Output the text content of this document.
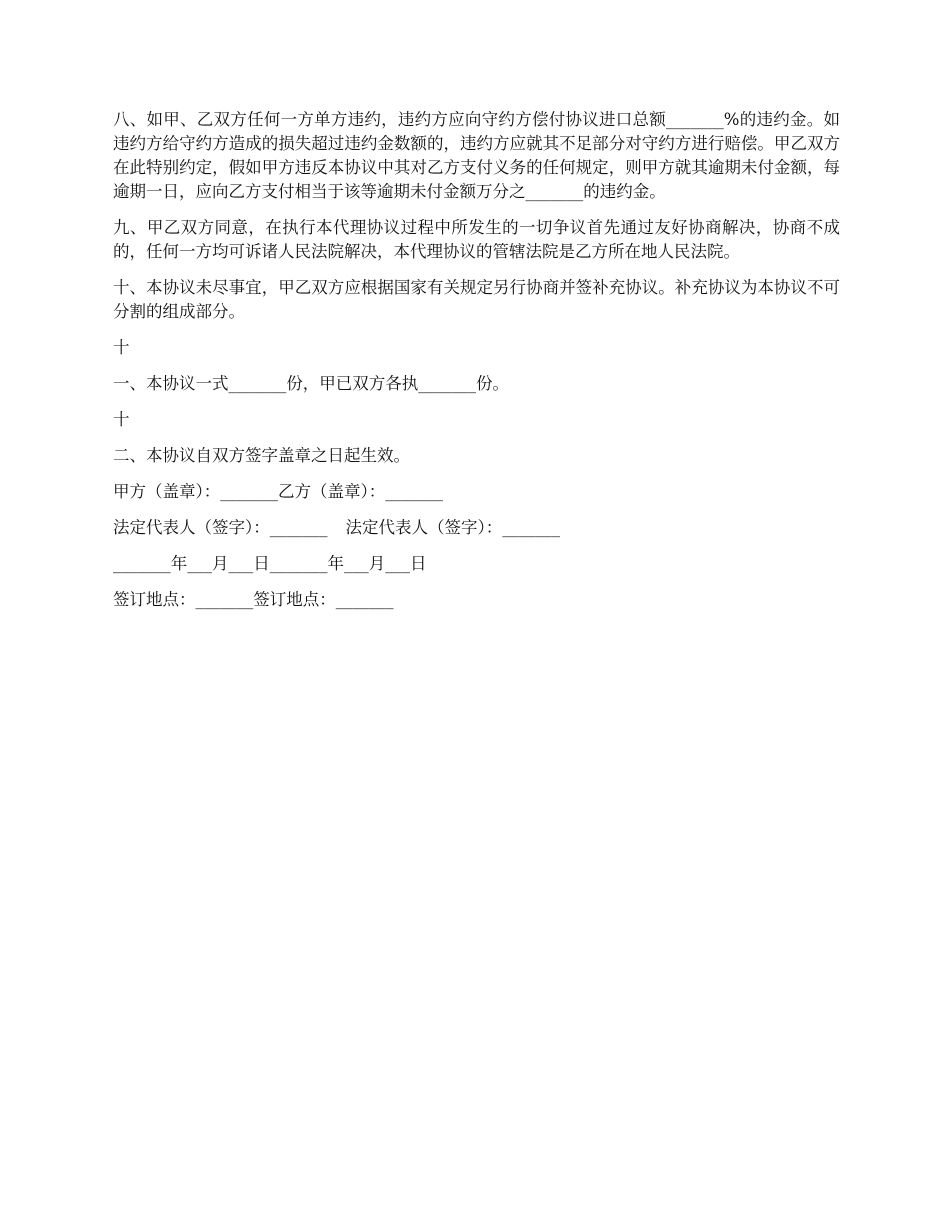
八、如甲、乙双方任何一方单方违约，违约方应向守约方偿付协议进口总额_______%的违约金。如违约方给守约方造成的损失超过违约金数额的，违约方应就其不足部分对守约方进行赔偿。甲乙双方在此特别约定，假如甲方违反本协议中其对乙方支付义务的任何规定，则甲方就其逾期未付金额，每逾期一日，应向乙方支付相当于该等逾期未付金额万分之_______的违约金。

九、甲乙双方同意，在执行本代理协议过程中所发生的一切争议首先通过友好协商解决，协商不成的，任何一方均可诉诸人民法院解决，本代理协议的管辖法院是乙方所在地人民法院。

十、本协议未尽事宜，甲乙双方应根据国家有关规定另行协商并签补充协议。补充协议为本协议不可分割的组成部分。

十
一、本协议一式_______份，甲已双方各执_______份。
十
二、本协议自双方签字盖章之日起生效。
甲方（盖章）：_______乙方（盖章）：_______
法定代表人（签字）：_______ 法定代表人（签字）：_______
_______年___月___日_______年___月___日
签订地点：_______签订地点：_______
